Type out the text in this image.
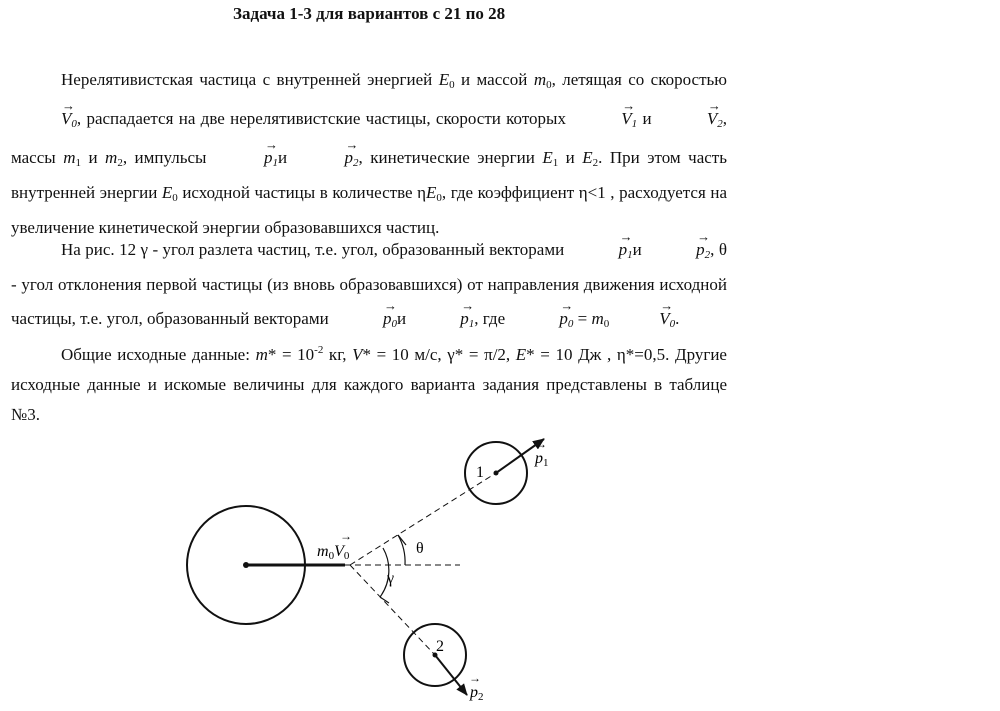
Задача 1-3 для вариантов с 21 по 28

Нерелятивистская частица с внутренней энергией $E_0$ и массой $m_0$, летящая со скоростью → $V_0$, распадается на две нерелятивистские частицы, скорости которых →	$V_1$ и →	$V_2$, массы $m_1$ и $m_2$, импульсы →	$p_1и$ →	$p_2$, кинетические энергии $E_1$ и $E_2$. При этом часть внутренней энергии $E_0$ исходной частицы в количестве $\eta E_0$, где коэффициент η<1 , расходуется на увеличение кинетической энергии образовавшихся частиц.

На рис. 12 γ - угол разлета частиц, т.е. угол, образованный векторами →	$p_1и$ →	$p_2$, θ - угол отклонения первой частицы (из вновь образовавшихся) от направления движения исходной частицы, т.е. угол, образованный векторами →	$p_0и$ →	$p_1$, где →	$p_0 = m_0\to$	$V_0$.

Общие исходные данные: $m* = 10^{-2}$ кг, V* = 10 м/с, γ* = π/2, E* = 10 Дж , η*=0,5. Другие исходные данные и искомые величины для каждого варианта задания представлены в таблице №3.

m0V0
→
p1
→
p2
→
θ
γ
1
2
